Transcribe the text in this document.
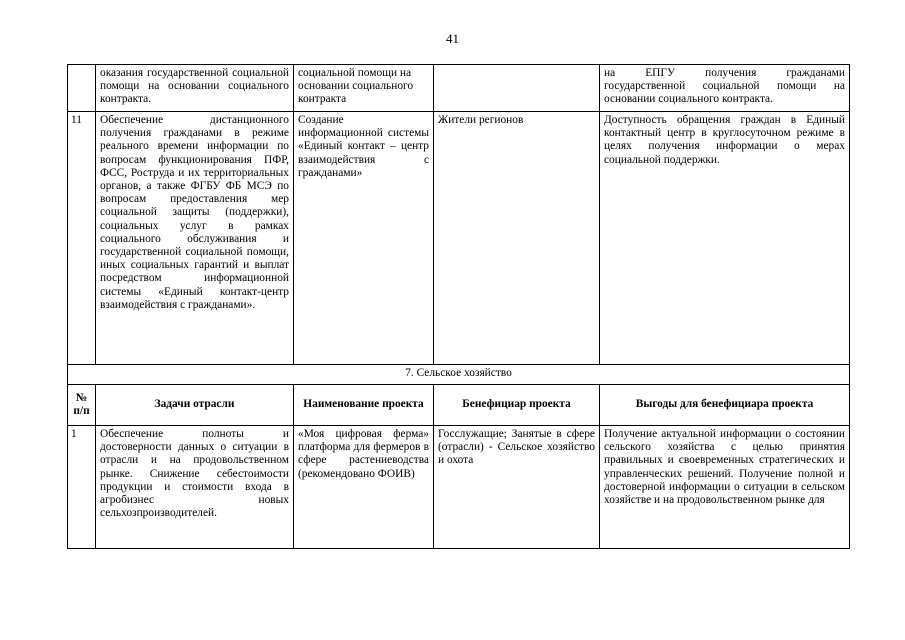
41
	оказания государственной социальной помощи на основании социального контракта.	социальной помощи на основании социального контракта		на ЕПГУ получения гражданами государственной социальной помощи на основании социального контракта.
11	Обеспечение дистанционного получения гражданами в режиме реального времени информации по вопросам функционирования ПФР, ФСС, Роструда и их территориальных органов, а также ФГБУ ФБ МСЭ по вопросам предоставления мер социальной защиты (поддержки), социальных услуг в рамках социального обслуживания и государственной социальной помощи, иных социальных гарантий и выплат посредством информационной системы «Единый контакт-центр взаимодействия с гражданами».	Создание информационной системы «Единый контакт – центр взаимодействия с гражданами»	Жители регионов	Доступность обращения граждан в Единый контактный центр в круглосуточном режиме в целях получения информации о мерах социальной поддержки.
7. Сельское хозяйство				
№ п/п	Задачи отрасли	Наименование проекта	Бенефициар проекта	Выгоды для бенефициара проекта
1	Обеспечение полноты и достоверности данных о ситуации в отрасли и на продовольственном рынке. Снижение себестоимости продукции и стоимости входа в агробизнес новых сельхозпроизводителей.	«Моя цифровая ферма» платформа для фермеров в сфере растениеводства (рекомендовано ФОИВ)	Госслужащие; Занятые в сфере (отрасли) - Сельское хозяйство и охота	Получение актуальной информации о состоянии сельского хозяйства с целью принятия правильных и своевременных стратегических и управленческих решений. Получение полной и достоверной информации о ситуации в сельском хозяйстве и на продовольственном рынке для
